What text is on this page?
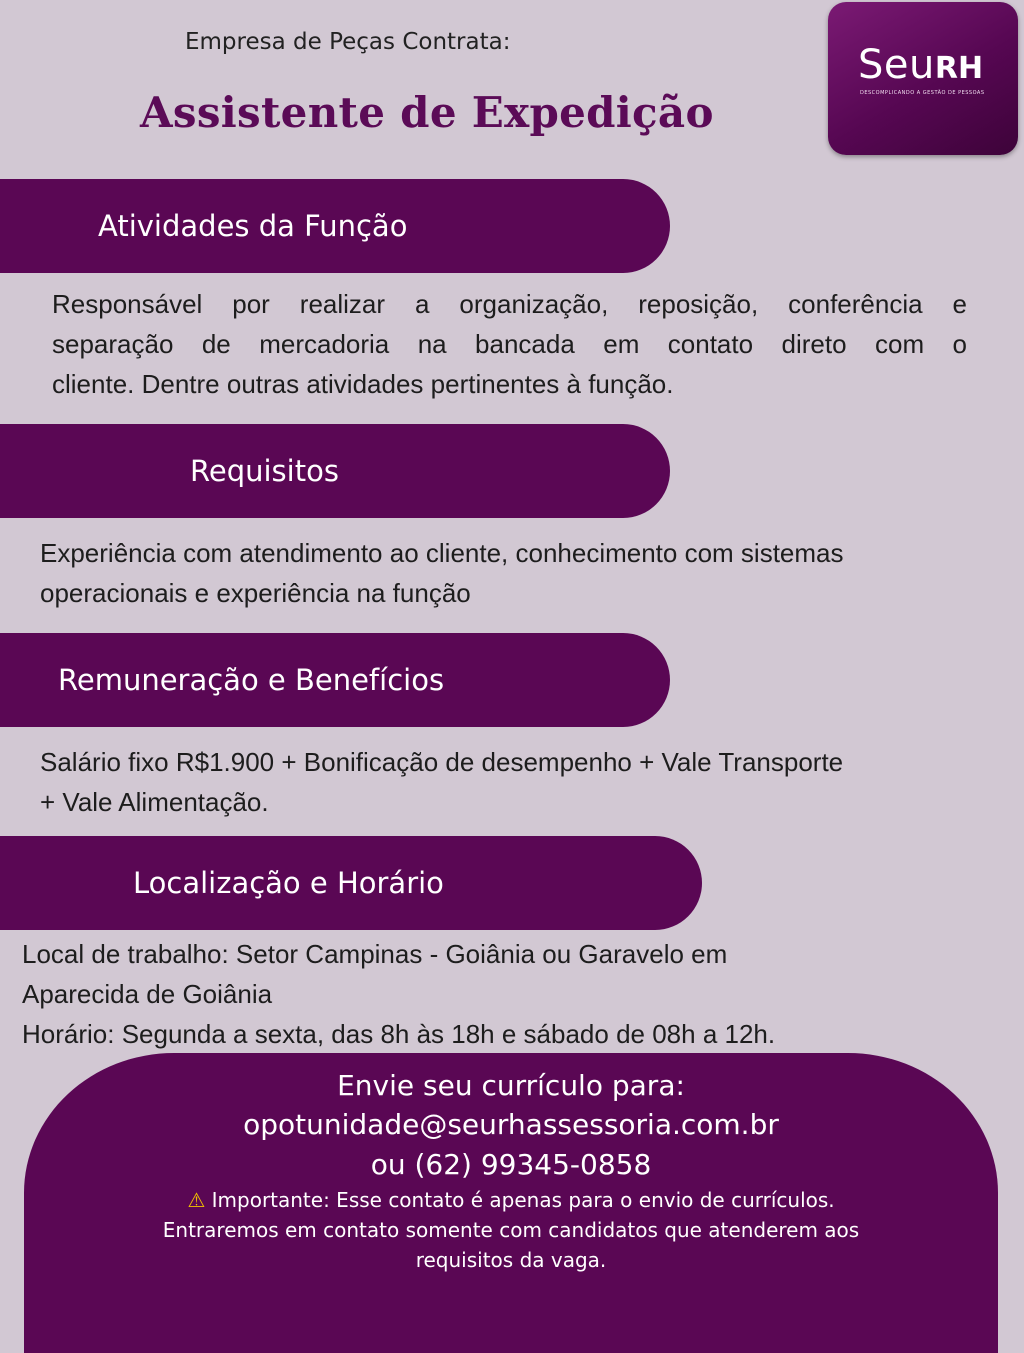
Empresa de Peças Contrata:
Assistente de Expedição
SeuRH
DESCOMPLICANDO A GESTÃO DE PESSOAS
Atividades da Função
Responsável por realizar a organização, reposição, conferência e
separação de mercadoria na bancada em contato direto com o
cliente. Dentre outras atividades pertinentes à função.
Requisitos
Experiência com atendimento ao cliente, conhecimento com sistemas
operacionais e experiência na função
Remuneração e Benefícios
Salário fixo R$1.900 + Bonificação de desempenho + Vale Transporte
+ Vale Alimentação.
Localização e Horário
Local de trabalho: Setor Campinas - Goiânia ou Garavelo em
Aparecida de Goiânia
Horário: Segunda a sexta, das 8h às 18h e sábado de 08h a 12h.
Envie seu currículo para:
opotunidade@seurhassessoria.com.br
ou (62) 99345-0858
⚠ Importante: Esse contato é apenas para o envio de currículos.
Entraremos em contato somente com candidatos que atenderem aos
requisitos da vaga.
